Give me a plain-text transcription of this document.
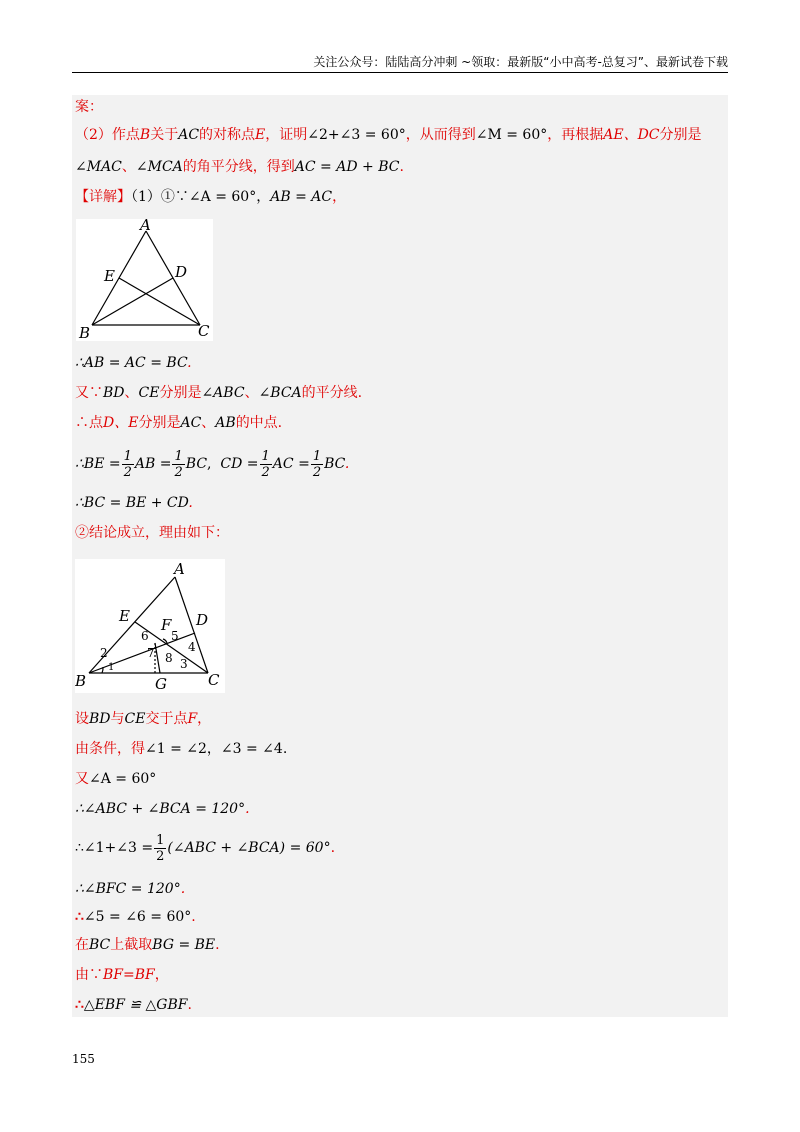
关注公众号：陆陆高分冲刺 ~领取：最新版“小中高考-总复习”、最新试卷下载
案：
（2）作点B关于AC的对称点E，证明∠2+∠3 = 60°，从而得到∠M = 60°，再根据AE、DC分别是
∠MAC、∠MCA的角平分线，得到AC = AD + BC.
【详解】（1）①∵∠A = 60°，AB = AC，
A
E	D
B	C
∴AB = AC = BC.
又∵BD、CE分别是∠ABC、∠BCA的平分线.
∴点D、E分别是AC、AB的中点.
∴BE = $\frac{1}{2}$ AB = $\frac{1}{2}$ BC, CD = $\frac{1}{2}$ AC = $\frac{1}{2}$ BC.
∴BC = BE + CD.
②结论成立，理由如下：
A
E F D
6 5
2	7 8
4
1	3
B	G	C
设BD与CE交于点F，
由条件，得∠1 = ∠2，∠3 = ∠4.
又∠A = 60°
∴∠ABC + ∠BCA = 120°.
∴∠1+∠3 = $\frac{1}{2}$ (∠ABC + ∠BCA) = 60°.
∴∠BFC = 120°.
∴∠5 = ∠6 = 60°.
在BC上截取BG = BE.
由∵BF=BF，
∴△EBF ≌ △GBF.
155
